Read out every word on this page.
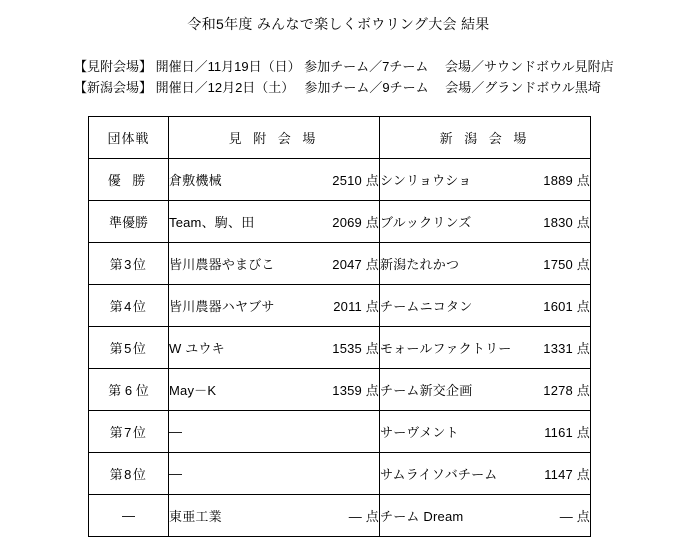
令和5年度 みんなで楽しくボウリング大会 結果
【見附会場】 開催日／11月19日（日） 参加チーム／7チーム　 会場／サウンドボウル見附店
【新潟会場】 開催日／12月2日（土）　 参加チーム／9チーム　 会場／グランドボウル黒埼
団体戦	見 附 会 場	新 潟 会 場
優 勝	倉敷機械 2510 点	シンリョウショ 1889 点

準優勝	Team、駒、田 2069 点	ブルックリンズ 1830 点

第3位	皆川農器やまびこ 2047 点	新潟たれかつ 1750 点

第4位	皆川農器ハヤブサ 2011 点	チームニコタン 1601 点

第5位	W ユウキ 1535 点	モォールファクトリー 1331 点

第 6 位	May－K 1359 点	チーム新交企画 1278 点

第7位	—	サーヴメント 1161 点

第8位	—	サムライソバチーム 1147 点

—	東亜工業 — 点	チーム Dream — 点
